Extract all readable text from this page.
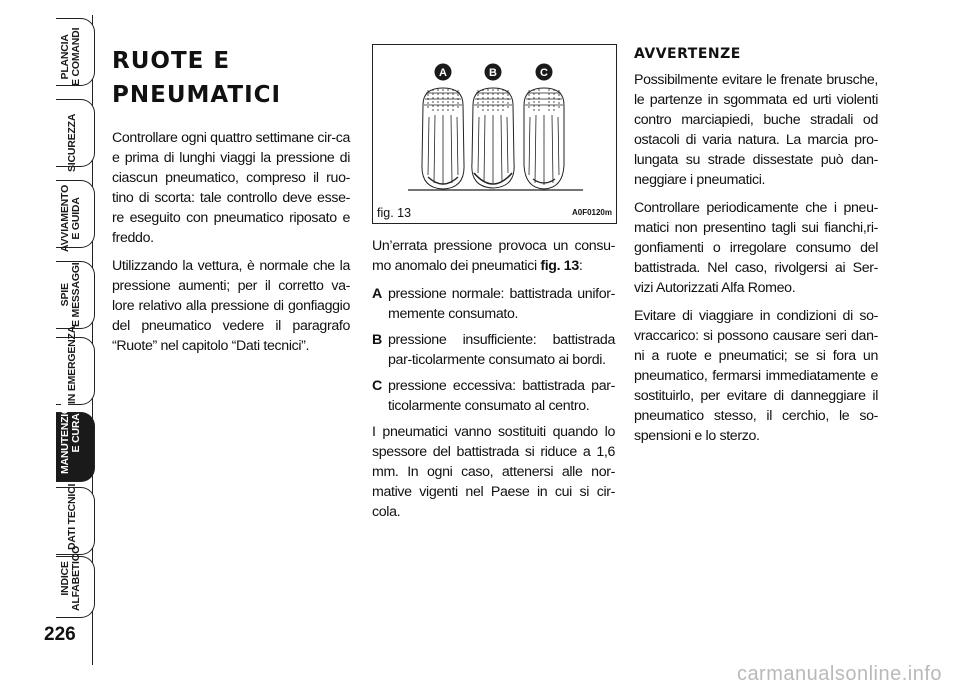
PLANCIA
E COMANDI
SICUREZZA
AVVIAMENTO
E GUIDA
SPIE
E MESSAGGI
IN EMERGENZA
MANUTENZIONE
E CURA
DATI TECNICI
INDICE
ALFABETICO
226
RUOTE E
PNEUMATICI

Controllare ogni quattro settimane cir-ca e prima di lunghi viaggi la pressione di ciascun pneumatico, compreso il ruo-tino di scorta: tale controllo deve esse-re eseguito con pneumatico riposato e freddo.

Utilizzando la vettura, è normale che la pressione aumenti; per il corretto va-lore relativo alla pressione di gonfiaggio del pneumatico vedere il paragrafo “Ruote” nel capitolo “Dati tecnici”.

A	B	C
fig. 13	A0F0120m

Un’errata pressione provoca un consu-mo anomalo dei pneumatici fig. 13:

A pressione normale: battistrada unifor-memente consumato.
B pressione insufficiente: battistrada par-ticolarmente consumato ai bordi.
C pressione eccessiva: battistrada par-ticolarmente consumato al centro.

I pneumatici vanno sostituiti quando lo spessore del battistrada si riduce a 1,6 mm. In ogni caso, attenersi alle nor-mative vigenti nel Paese in cui si cir-cola.

AVVERTENZE

Possibilmente evitare le frenate brusche, le partenze in sgommata ed urti violenti contro marciapiedi, buche stradali od ostacoli di varia natura. La marcia pro-lungata su strade dissestate può dan-neggiare i pneumatici.

Controllare periodicamente che i pneu-matici non presentino tagli sui fianchi,ri-gonfiamenti o irregolare consumo del battistrada. Nel caso, rivolgersi ai Ser-vizi Autorizzati Alfa Romeo.

Evitare di viaggiare in condizioni di so-vraccarico: si possono causare seri dan-ni a ruote e pneumatici; se si fora un pneumatico, fermarsi immediatamente e sostituirlo, per evitare di danneggiare il pneumatico stesso, il cerchio, le so-spensioni e lo sterzo.

carmanualsonline.info
